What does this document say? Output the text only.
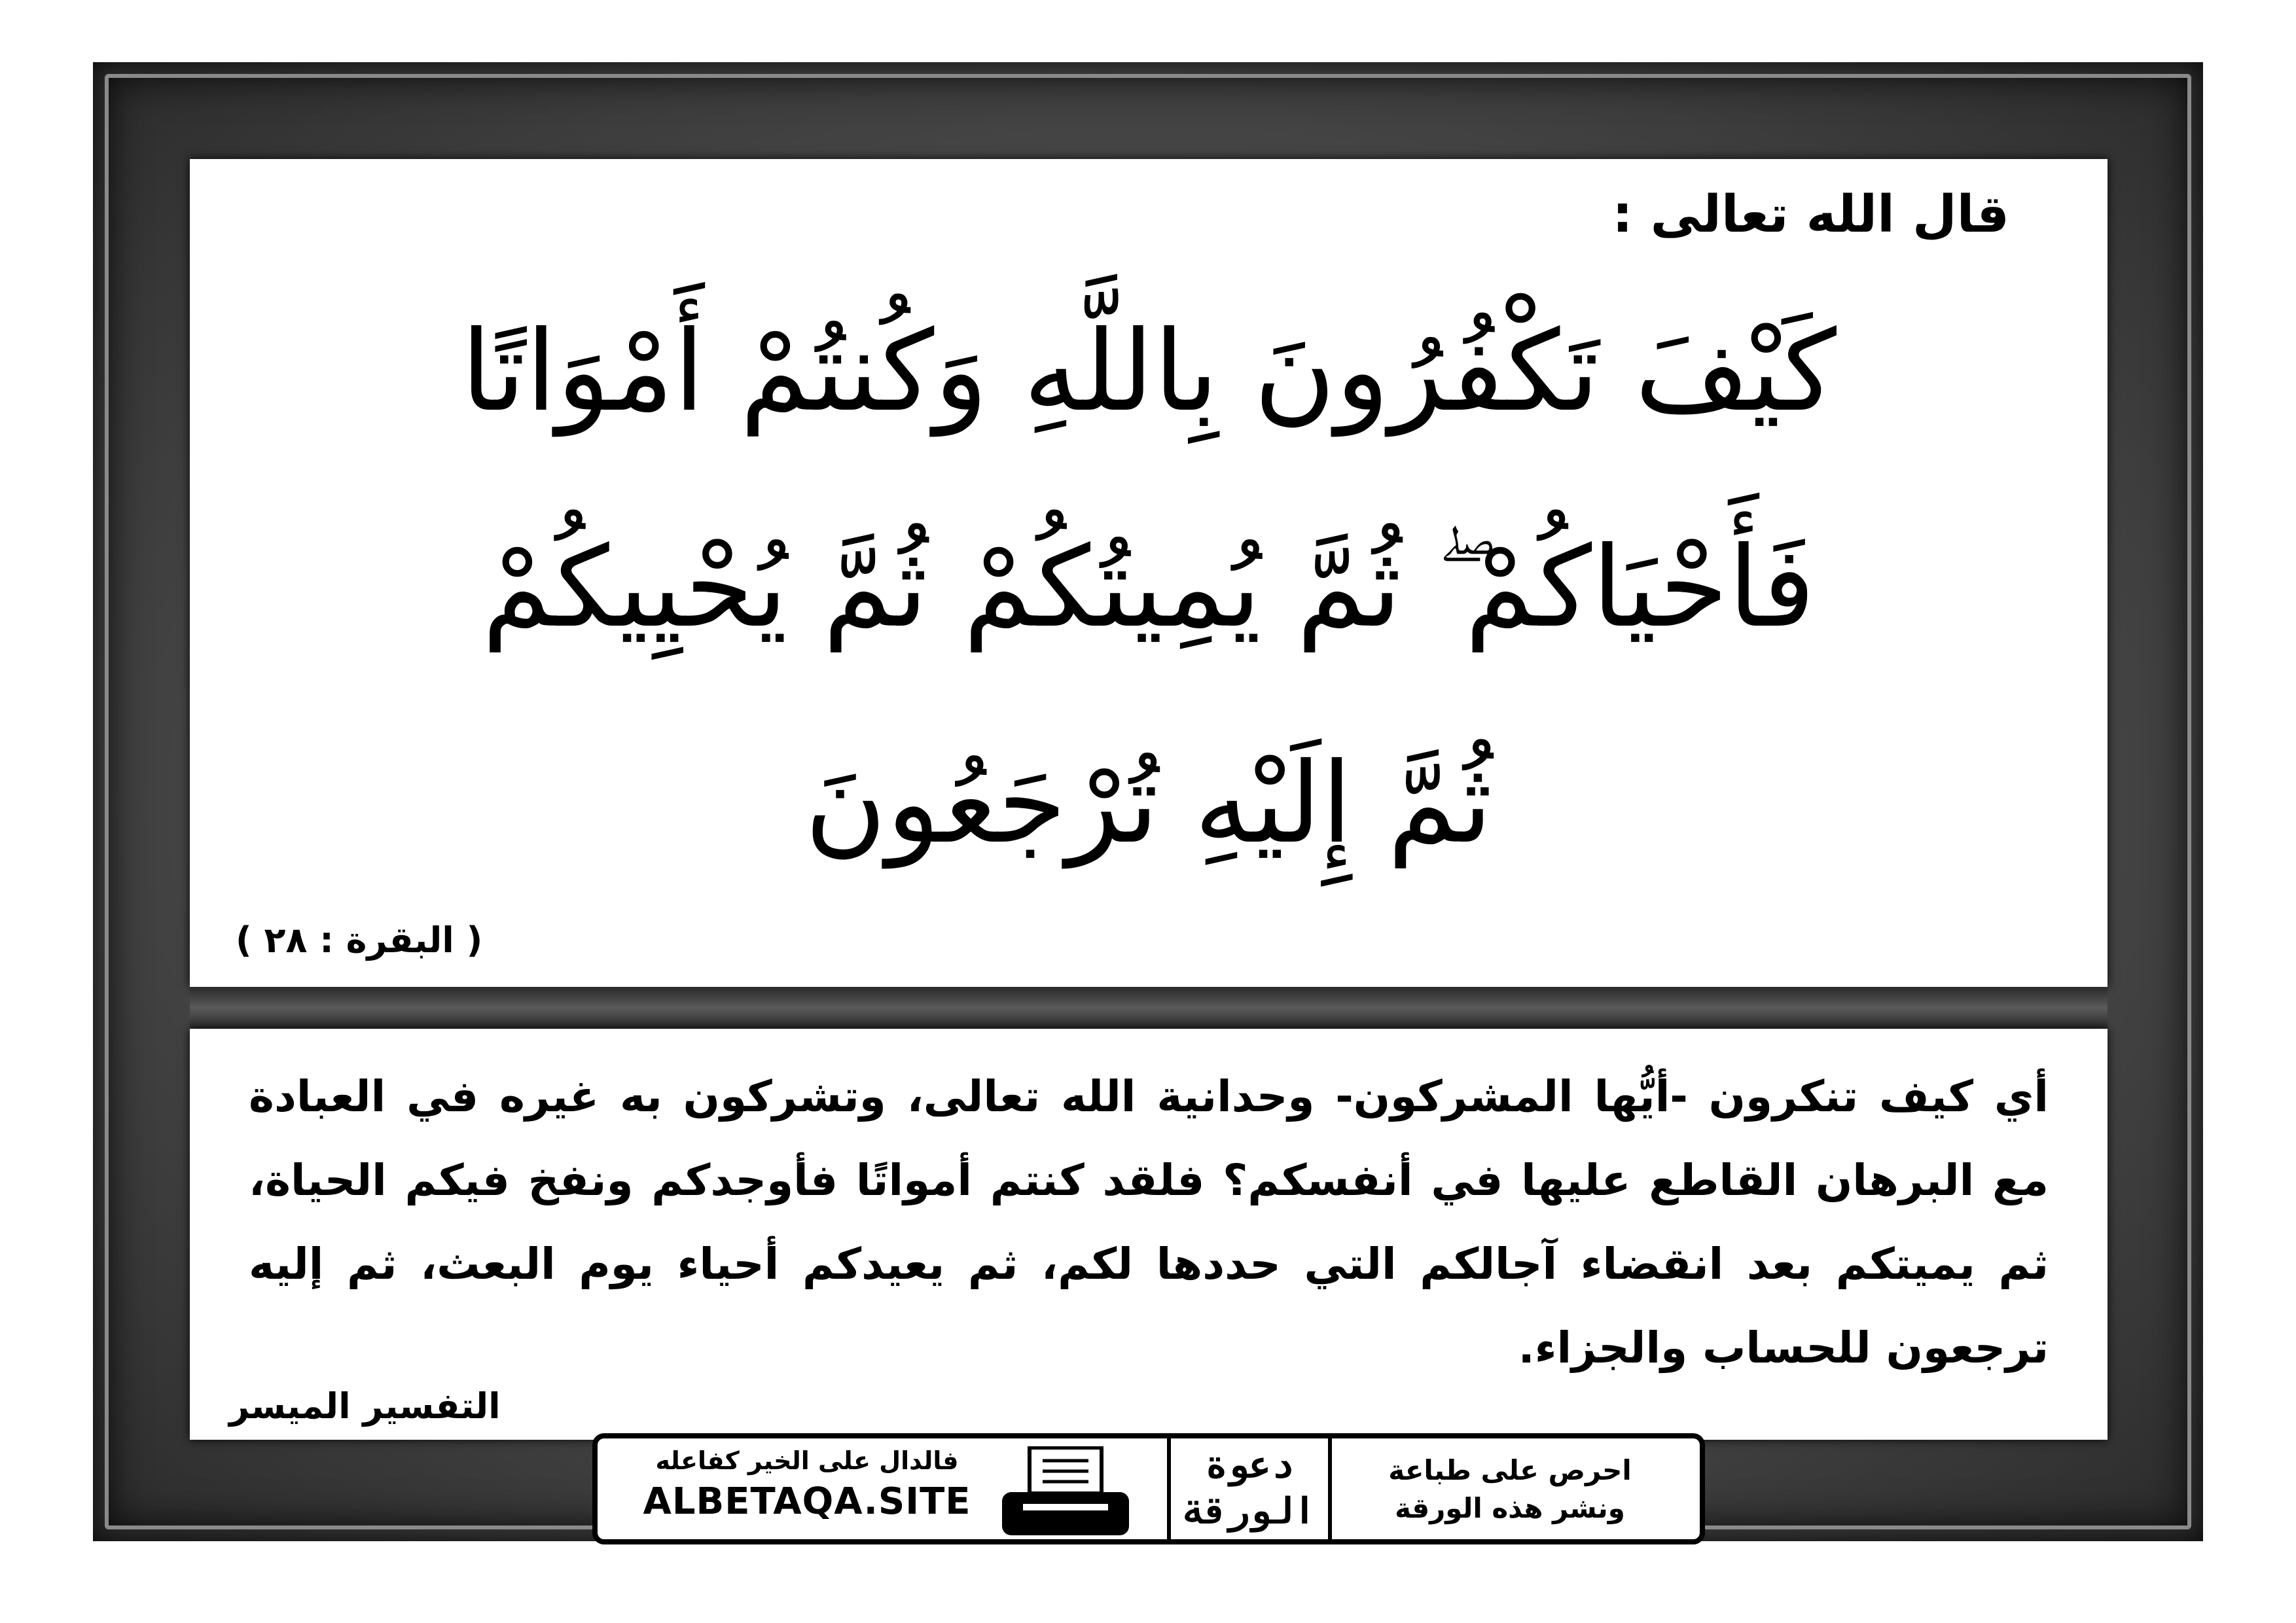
قال الله تعالى :
كَيْفَ تَكْفُرُونَ بِاللَّهِ وَكُنتُمْ أَمْوَاتًا
فَأَحْيَاكُمْ ۖ ثُمَّ يُمِيتُكُمْ ثُمَّ يُحْيِيكُمْ
ثُمَّ إِلَيْهِ تُرْجَعُونَ
( البقرة : ٢٨ )
أي كيف تنكرون -أيُّها المشركون- وحدانية الله تعالى، وتشركون به غيره في العبادة مع البرهان القاطع عليها في أنفسكم؟ فلقد كنتم أمواتًا فأوجدكم ونفخ فيكم الحياة، ثم يميتكم بعد انقضاء آجالكم التي حددها لكم، ثم يعيدكم أحياء يوم البعث، ثم إليه ترجعون للحساب والجزاء.
التفسير الميسر
فالدال على الخير كفاعله
ALBETAQA.SITE
دعوة
الورقة
احرص على طباعة
ونشر هذه الورقة
